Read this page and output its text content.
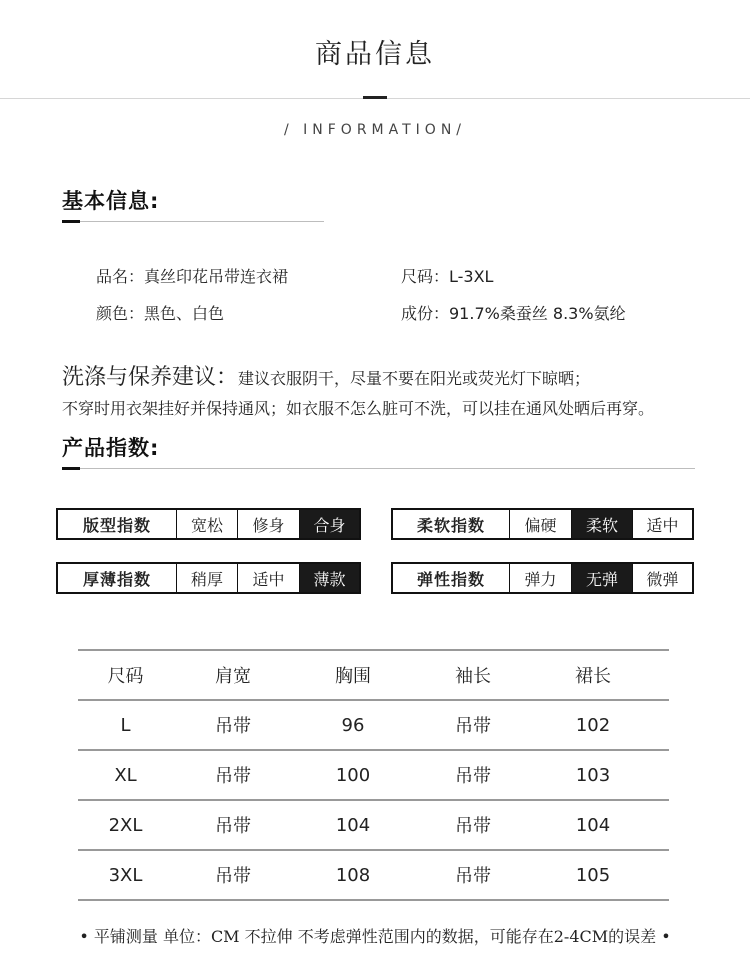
商品信息
/ INFORMATION/
基本信息:
品名：真丝印花吊带连衣裙	尺码：L-3XL
颜色：黑色、白色	成份：91.7%桑蚕丝 8.3%氨纶
洗涤与保养建议：建议衣服阴干，尽量不要在阳光或荧光灯下晾晒；
不穿时用衣架挂好并保持通风；如衣服不怎么脏可不洗，可以挂在通风处晒后再穿。
产品指数:
版型指数	宽松	修身	合身	柔软指数	偏硬	柔软	适中
厚薄指数	稍厚	适中	薄款	弹性指数	弹力	无弹	微弹
尺码	肩宽	胸围	袖长	裙长
L	吊带	96	吊带	102
XL	吊带	100	吊带	103
2XL	吊带	104	吊带	104
3XL	吊带	108	吊带	105
• 平铺测量 单位：CM 不拉伸 不考虑弹性范围内的数据，可能存在2-4CM的误差 •
